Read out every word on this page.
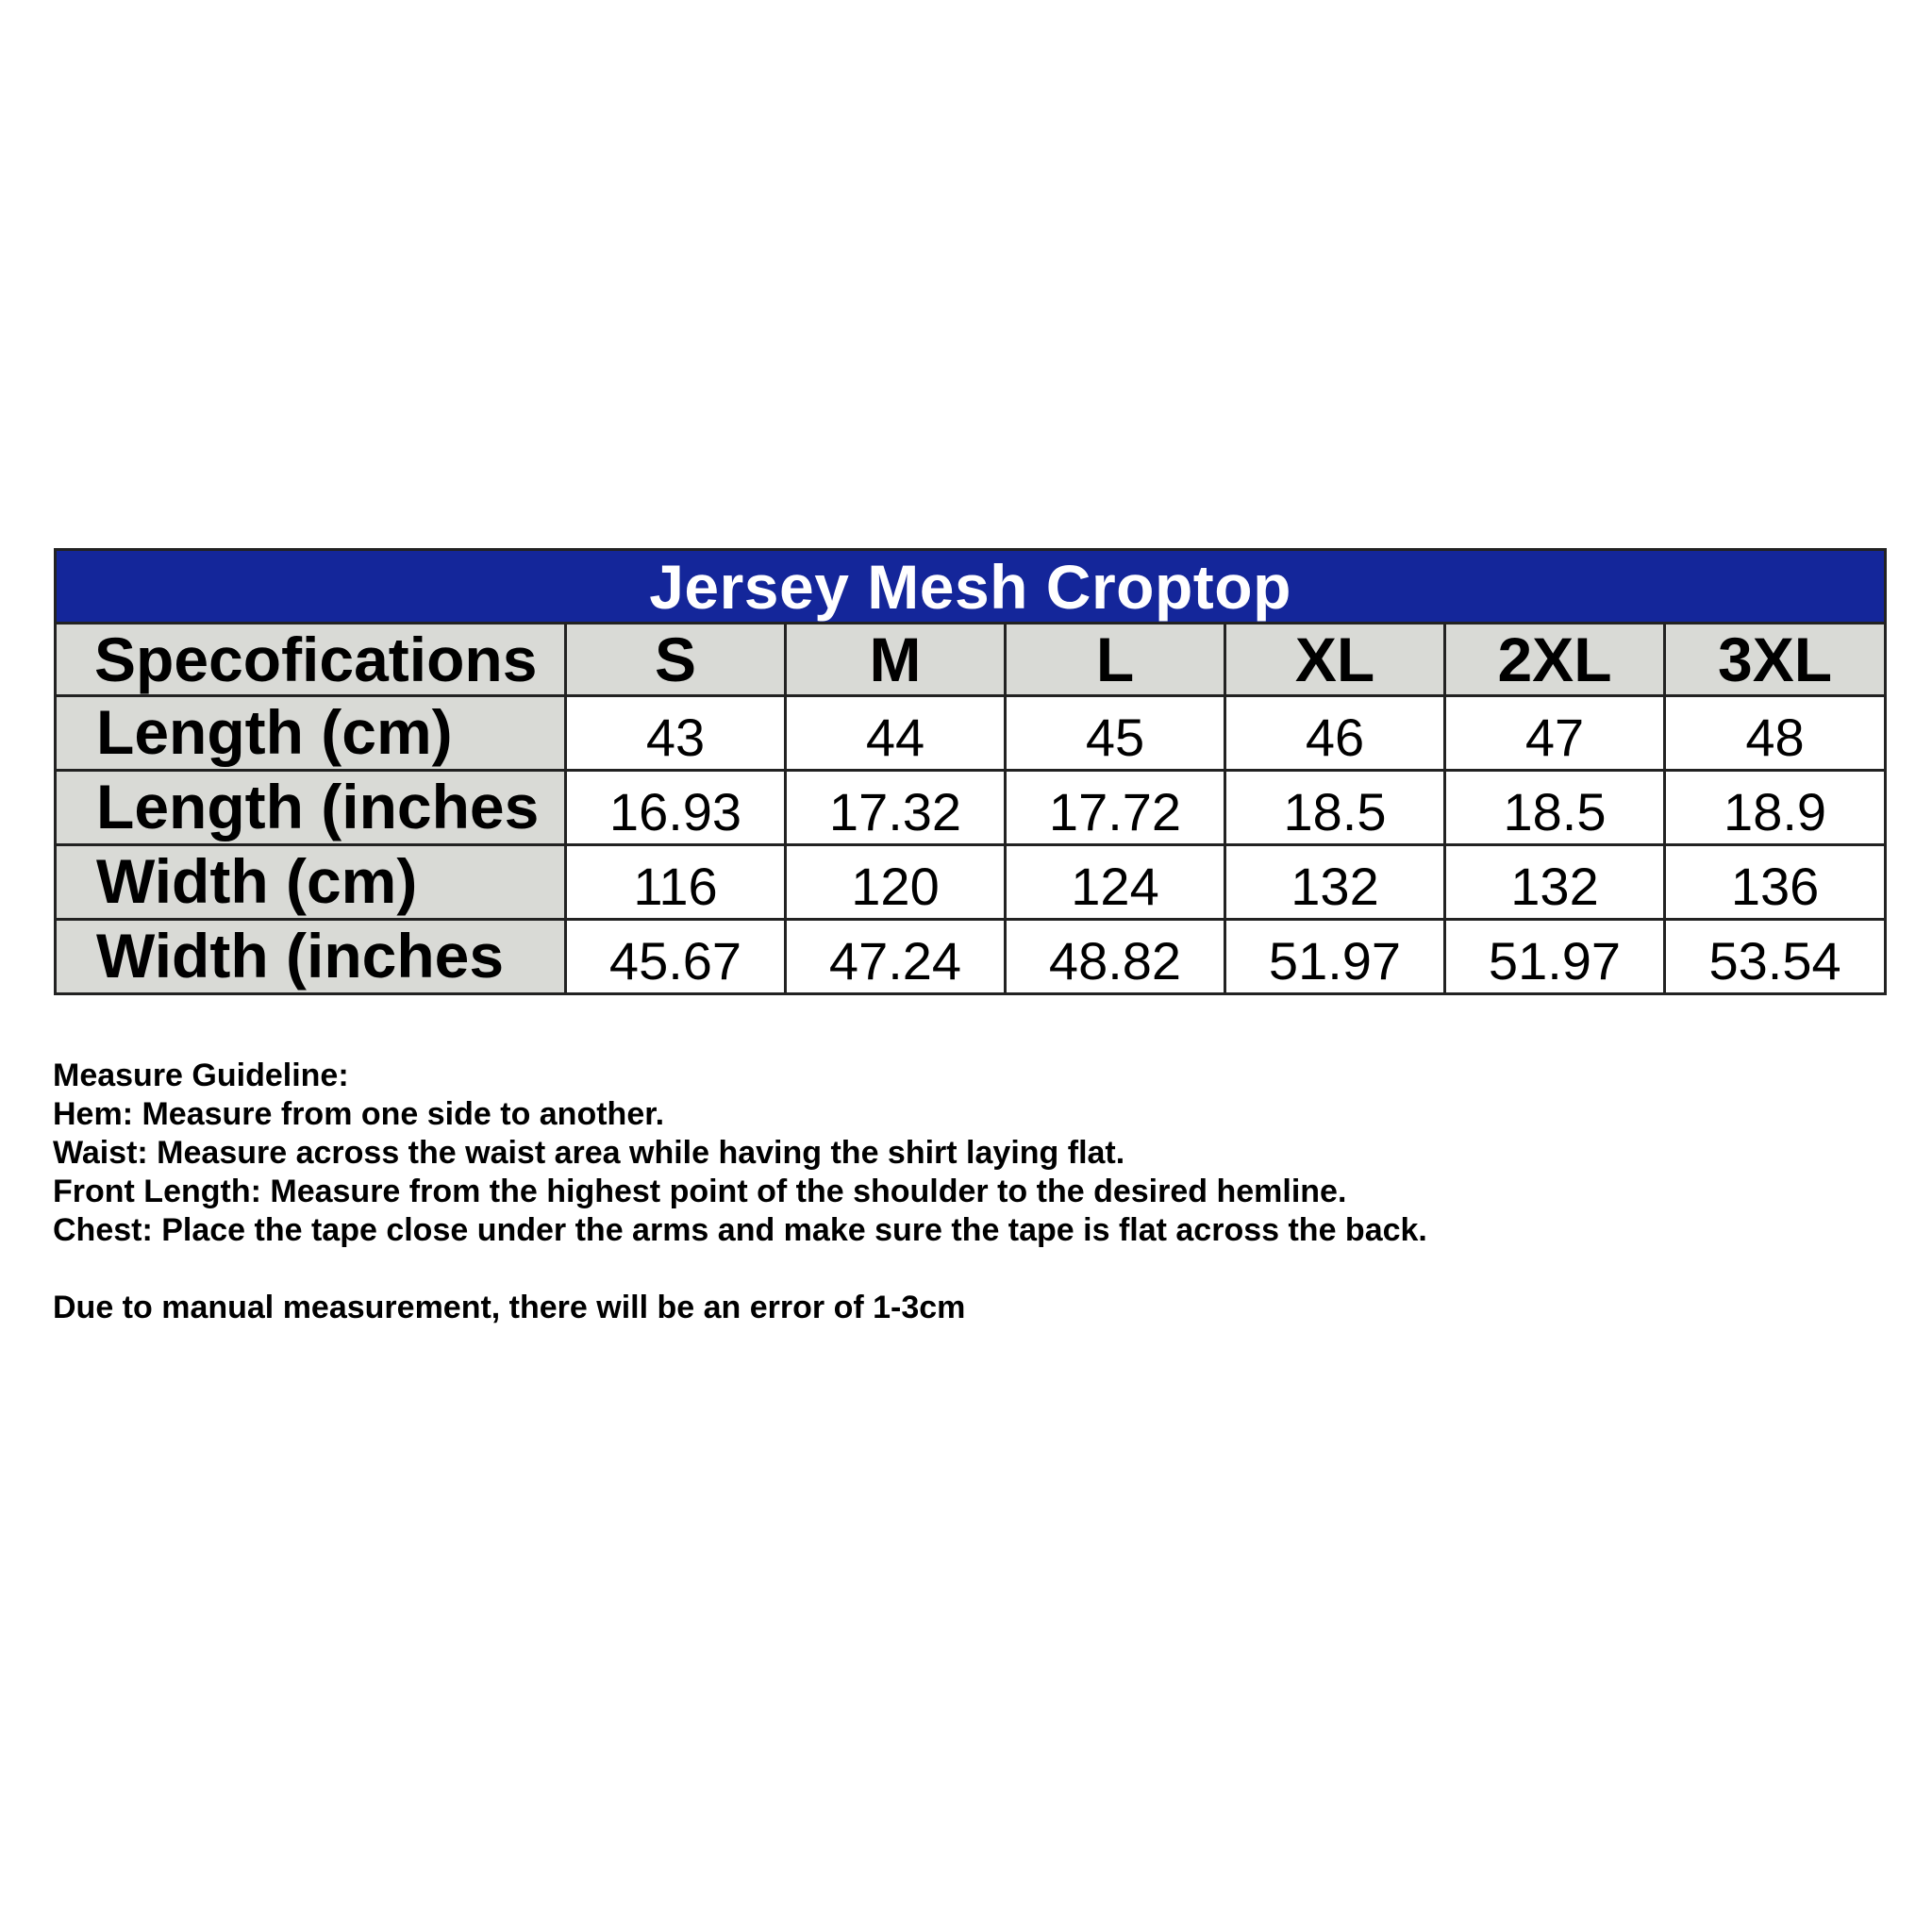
Jersey Mesh Croptop						
Specofications	S	M	L	XL	2XL	3XL
Length (cm)	43	44	45	46	47	48
Length (inches	16.93	17.32	17.72	18.5	18.5	18.9
Width (cm)	116	120	124	132	132	136
Width (inches	45.67	47.24	48.82	51.97	51.97	53.54
Measure Guideline:
Hem: Measure from one side to another.
Waist: Measure across the waist area while having the shirt laying flat.
Front Length: Measure from the highest point of the shoulder to the desired hemline.
Chest: Place the tape close under the arms and make sure the tape is flat across the back.
Due to manual measurement, there will be an error of 1-3cm
